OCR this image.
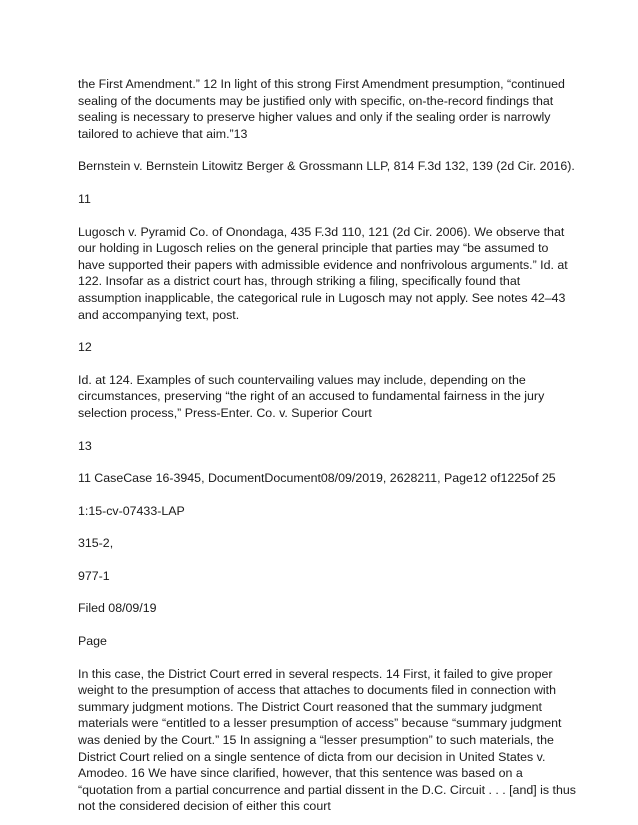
the First Amendment.” 12 In light of this strong First Amendment presumption, “continued sealing of the documents may be justified only with specific, on-the-record findings that sealing is necessary to preserve higher values and only if the sealing order is narrowly tailored to achieve that aim.”13

Bernstein v. Bernstein Litowitz Berger & Grossmann LLP, 814 F.3d 132, 139 (2d Cir. 2016).

11

Lugosch v. Pyramid Co. of Onondaga, 435 F.3d 110, 121 (2d Cir. 2006). We observe that our holding in Lugosch relies on the general principle that parties may “be assumed to have supported their papers with admissible evidence and nonfrivolous arguments.” Id. at 122. Insofar as a district court has, through striking a filing, specifically found that assumption inapplicable, the categorical rule in Lugosch may not apply. See notes 42–43 and accompanying text, post.

12

Id. at 124. Examples of such countervailing values may include, depending on the circumstances, preserving “the right of an accused to fundamental fairness in the jury selection process,” Press-Enter. Co. v. Superior Court

13

11 CaseCase 16-3945, DocumentDocument08/09/2019, 2628211, Page12 of1225of 25

1:15-cv-07433-LAP

315-2,

977-1

Filed 08/09/19

Page

In this case, the District Court erred in several respects. 14 First, it failed to give proper weight to the presumption of access that attaches to documents filed in connection with summary judgment motions. The District Court reasoned that the summary judgment materials were “entitled to a lesser presumption of access” because “summary judgment was denied by the Court.” 15 In assigning a “lesser presumption” to such materials, the District Court relied on a single sentence of dicta from our decision in United States v. Amodeo. 16 We have since clarified, however, that this sentence was based on a “quotation from a partial concurrence and partial dissent in the D.C. Circuit . . . [and] is thus not the considered decision of either this court
